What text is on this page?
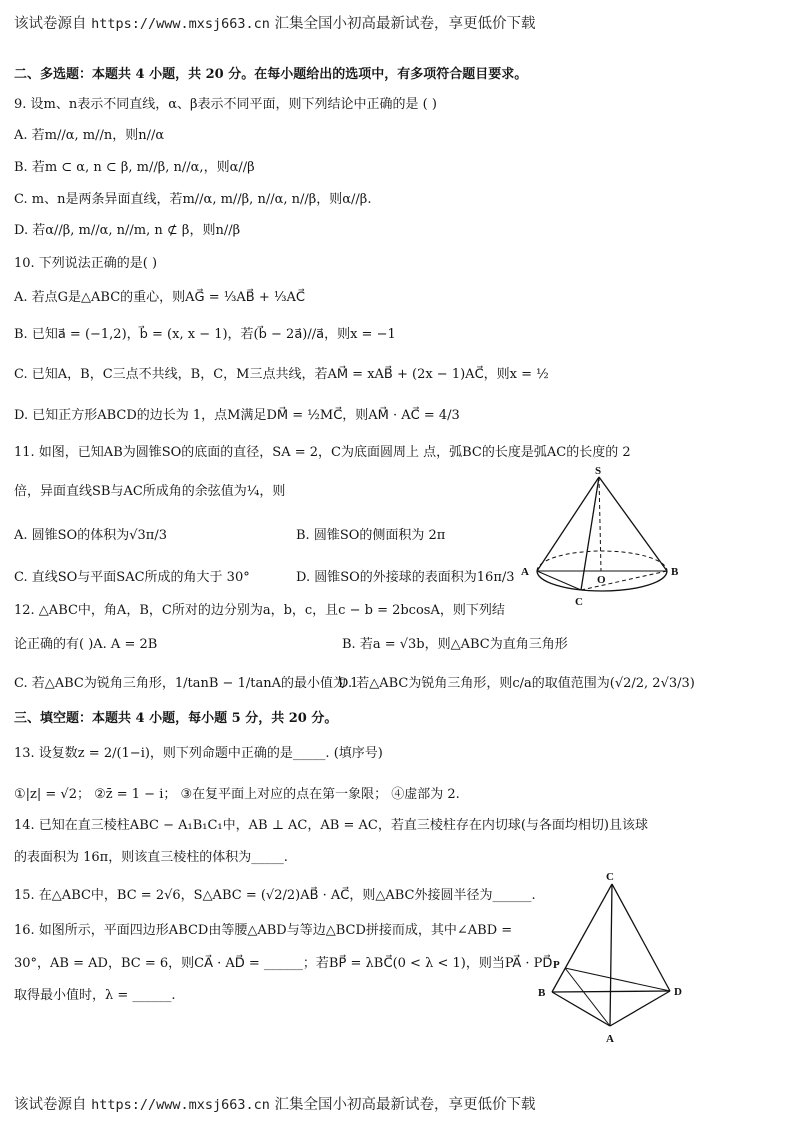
该试卷源自 https://www.mxsj663.cn 汇集全国小初高最新试卷，享更低价下载
二、多选题：本题共 4 小题，共 20 分。在每小题给出的选项中，有多项符合题目要求。
9. 设m、n表示不同直线，α、β表示不同平面，则下列结论中正确的是 ( )
A. 若m//α, m//n，则n//α
B. 若m ⊂ α, n ⊂ β, m//β, n//α,，则α//β
C. m、n是两条异面直线，若m//α, m//β, n//α, n//β，则α//β.
D. 若α//β, m//α, n//m, n ⊄ β，则n//β
10. 下列说法正确的是( )
A. 若点G是△ABC的重心，则AG⃗ = ⅓AB⃗ + ⅓AC⃗
B. 已知a⃗ = (−1,2)，b⃗ = (x, x − 1)，若(b⃗ − 2a⃗)//a⃗，则x = −1
C. 已知A，B，C三点不共线，B，C，M三点共线，若AM⃗ = xAB⃗ + (2x − 1)AC⃗，则x = ½
D. 已知正方形ABCD的边长为 1，点M满足DM⃗ = ½MC⃗，则AM⃗ · AC⃗ = 4/3
11. 如图，已知AB为圆锥SO的底面的直径，SA = 2，C为底面圆周上 点，弧BC的长度是弧AC的长度的 2
倍，异面直线SB与AC所成角的余弦值为¼，则
A. 圆锥SO的体积为√3π/3	B. 圆锥SO的侧面积为 2π
C. 直线SO与平面SAC所成的角大于 30°	D. 圆锥SO的外接球的表面积为16π/3
12. △ABC中，角A，B，C所对的边分别为a，b，c，且c − b = 2bcosA，则下列结
论正确的有( )A. A = 2B	B. 若a = √3b，则△ABC为直角三角形
C. 若△ABC为锐角三角形，1/tanB − 1/tanA的最小值为 1
D. 若△ABC为锐角三角形，则c/a的取值范围为(√2/2, 2√3/3)
三、填空题：本题共 4 小题，每小题 5 分，共 20 分。
13. 设复数z = 2/(1−i)，则下列命题中正确的是_____. (填序号)
①|z| = √2； ②z̄ = 1 − i； ③在复平面上对应的点在第一象限； ④虚部为 2.
14. 已知在直三棱柱ABC − A₁B₁C₁中，AB ⊥ AC，AB = AC，若直三棱柱存在内切球(与各面均相切)且该球
的表面积为 16π，则该直三棱柱的体积为_____.
15. 在△ABC中，BC = 2√6，S△ABC = (√2/2)AB⃗ · AC⃗，则△ABC外接圆半径为______.
16. 如图所示，平面四边形ABCD由等腰△ABD与等边△BCD拼接而成，其中∠ABD =
30°，AB = AD，BC = 6，则CA⃗ · AD⃗ = ______；若BP⃗ = λBC⃗(0 < λ < 1)，则当PA⃗ · PD⃗
取得最小值时，λ = ______.
S
A	B
O
C
C
P
B	D
A
该试卷源自 https://www.mxsj663.cn 汇集全国小初高最新试卷，享更低价下载
